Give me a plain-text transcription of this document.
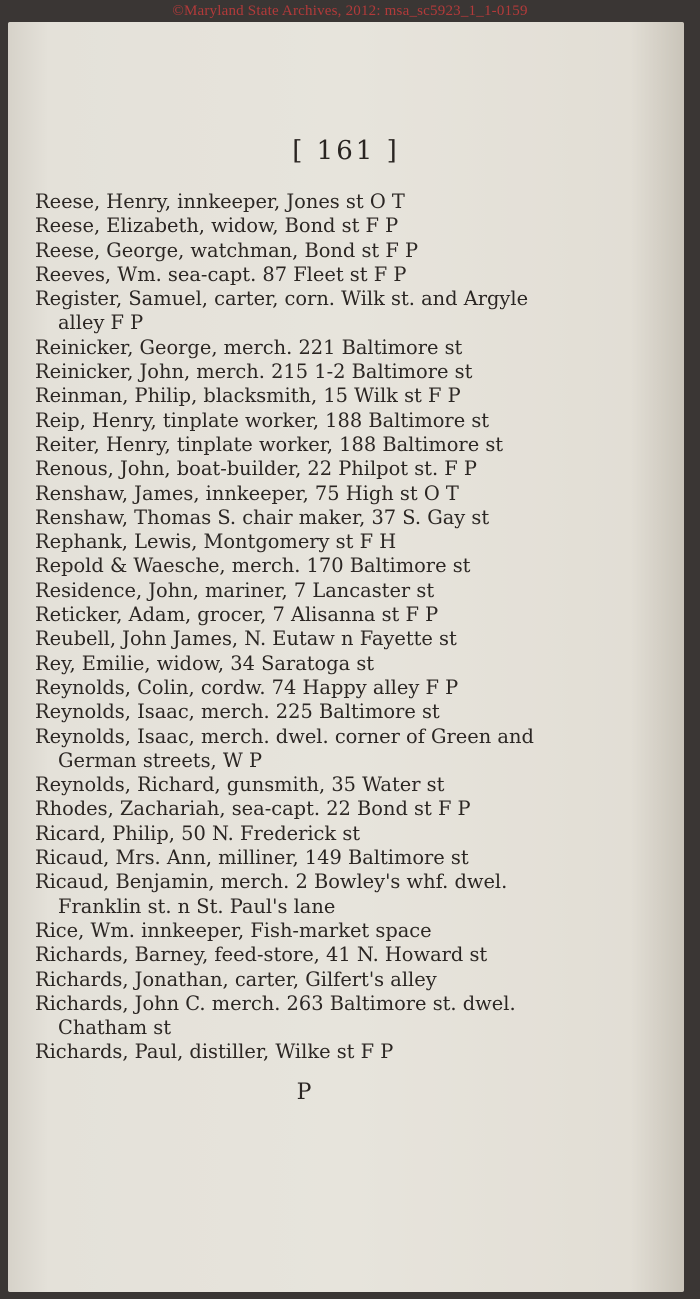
©Maryland State Archives, 2012: msa_sc5923_1_1-0159
[ 161 ]

Reese, Henry, innkeeper, Jones st O T

Reese, Elizabeth, widow, Bond st F P

Reese, George, watchman, Bond st F P

Reeves, Wm. sea-capt. 87 Fleet st F P

Register, Samuel, carter, corn. Wilk st. and Argyle alley F P

Reinicker, George, merch. 221 Baltimore st

Reinicker, John, merch. 215 1-2 Baltimore st

Reinman, Philip, blacksmith, 15 Wilk st F P

Reip, Henry, tinplate worker, 188 Baltimore st

Reiter, Henry, tinplate worker, 188 Baltimore st

Renous, John, boat-builder, 22 Philpot st. F P

Renshaw, James, innkeeper, 75 High st O T

Renshaw, Thomas S. chair maker, 37 S. Gay st

Rephank, Lewis, Montgomery st F H

Repold & Waesche, merch. 170 Baltimore st

Residence, John, mariner, 7 Lancaster st

Reticker, Adam, grocer, 7 Alisanna st F P

Reubell, John James, N. Eutaw n Fayette st

Rey, Emilie, widow, 34 Saratoga st

Reynolds, Colin, cordw. 74 Happy alley F P

Reynolds, Isaac, merch. 225 Baltimore st

Reynolds, Isaac, merch. dwel. corner of Green and German streets, W P

Reynolds, Richard, gunsmith, 35 Water st

Rhodes, Zachariah, sea-capt. 22 Bond st F P

Ricard, Philip, 50 N. Frederick st

Ricaud, Mrs. Ann, milliner, 149 Baltimore st

Ricaud, Benjamin, merch. 2 Bowley's whf. dwel. Franklin st. n St. Paul's lane

Rice, Wm. innkeeper, Fish-market space

Richards, Barney, feed-store, 41 N. Howard st

Richards, Jonathan, carter, Gilfert's alley

Richards, John C. merch. 263 Baltimore st. dwel. Chatham st

Richards, Paul, distiller, Wilke st F P

P
